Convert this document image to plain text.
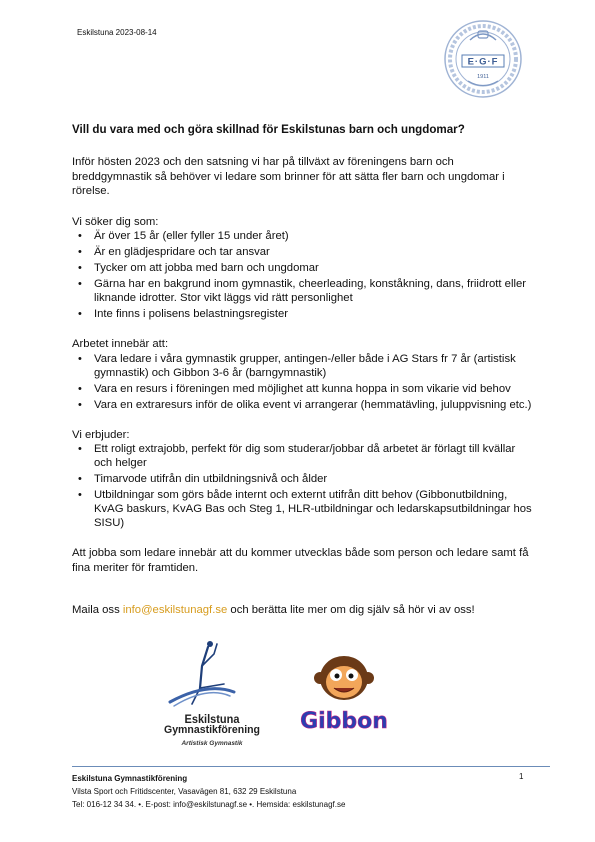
Eskilstuna 2023-08-14
E·G·F
1911

Vill du vara med och göra skillnad för Eskilstunas barn och ungdomar?

Inför hösten 2023 och den satsning vi har på tillväxt av föreningens barn och breddgymnastik så behöver vi ledare som brinner för att sätta fler barn och ungdomar i rörelse.

Vi söker dig som:

• Är över 15 år (eller fyller 15 under året)
• Är en glädjespridare och tar ansvar
• Tycker om att jobba med barn och ungdomar
• Gärna har en bakgrund inom gymnastik, cheerleading, konståkning, dans, friidrott eller liknande idrotter. Stor vikt läggs vid rätt personlighet
• Inte finns i polisens belastningsregister

Arbetet innebär att:

• Vara ledare i våra gymnastik grupper, antingen-/eller både i AG Stars fr 7 år (artistisk gymnastik) och Gibbon 3-6 år (barngymnastik)
• Vara en resurs i föreningen med möjlighet att kunna hoppa in som vikarie vid behov
• Vara en extraresurs inför de olika event vi arrangerar (hemmatävling, juluppvisning etc.)

Vi erbjuder:

• Ett roligt extrajobb, perfekt för dig som studerar/jobbar då arbetet är förlagt till kvällar och helger
• Timarvode utifrån din utbildningsnivå och ålder
• Utbildningar som görs både internt och externt utifrån ditt behov (Gibbonutbildning, KvAG baskurs, KvAG Bas och Steg 1, HLR-utbildningar och ledarskapsutbildningar hos SISU)

Att jobba som ledare innebär att du kommer utvecklas både som person och ledare samt få fina meriter för framtiden.

Maila oss info@eskilstunagf.se och berätta lite mer om dig själv så hör vi av oss!

Eskilstuna
Gymnastikförening
Artistisk Gymnastik
Gibbon
Eskilstuna Gymnastikförening
Vilsta Sport och Fritidscenter, Vasavägen 81, 632 29 Eskilstuna
Tel: 016-12 34 34. •. E-post: info@eskilstunagf.se •. Hemsida: eskilstunagf.se
1
